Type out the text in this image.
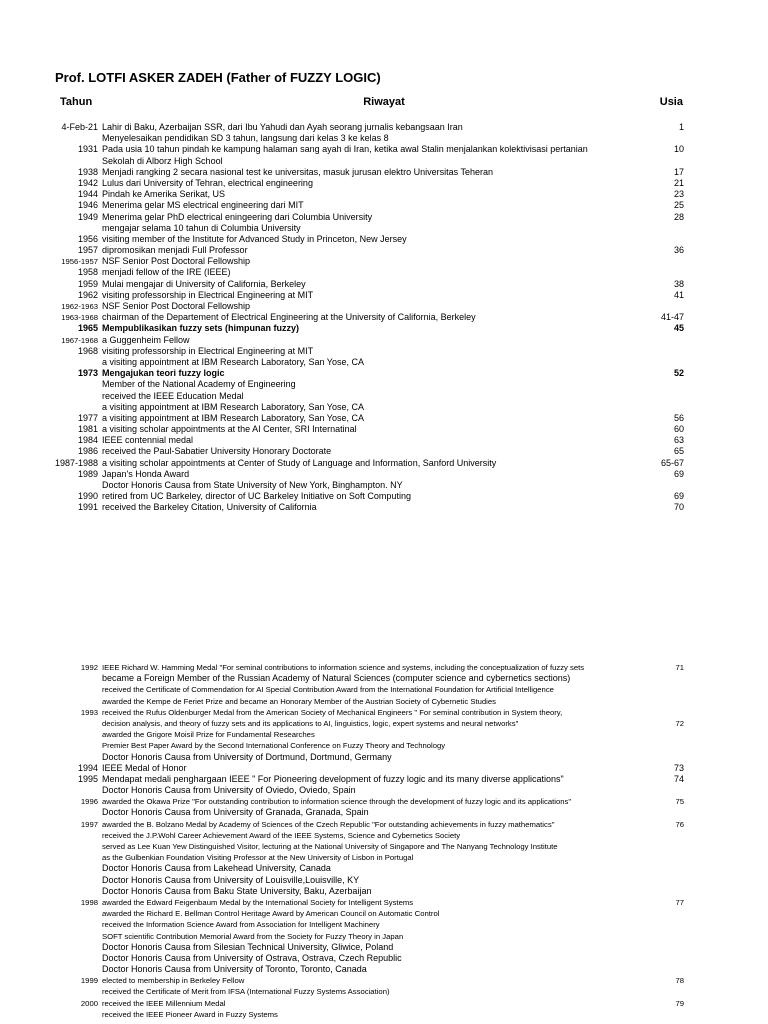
Prof. LOTFI ASKER ZADEH (Father of FUZZY LOGIC)
Tahun	Riwayat	Usia
4-Feb-21 Lahir di Baku, Azerbaijan SSR, dari Ibu Yahudi dan Ayah seorang jurnalis kebangsaan Iran	1
Menyelesaikan pendidikan SD 3 tahun, langsung dari kelas 3 ke kelas 8
1931 Pada usia 10 tahun pindah ke kampung halaman sang ayah di Iran, ketika awal Stalin menjalankan kolektivisasi pertanian	10
Sekolah di Alborz High School
1938 Menjadi rangking 2 secara nasional test ke universitas, masuk jurusan elektro Universitas Teheran	17
1942 Lulus dari University of Tehran, electrical engineering	21
1944 Pindah ke Amerika Serikat, US	23
1946 Menerima gelar MS electrical engineering dari MIT	25
1949 Menerima gelar PhD electrical eningeering dari Columbia University	28
mengajar selama 10 tahun di Columbia University
1956 visiting member of the Institute for Advanced Study in Princeton, New Jersey
1957 dipromosikan menjadi Full Professor	36
1956-1957 NSF Senior Post Doctoral Fellowship
1958 menjadi fellow of the IRE (IEEE)
1959 Mulai mengajar di University of California, Berkeley	38
1962 visiting professorship in Electrical Engineering at MIT	41
1962-1963 NSF Senior Post Doctoral Fellowship
1963-1968 chairman of the Departement of Electrical Engineering at the University of California, Berkeley	41-47
1965 Mempublikasikan fuzzy sets (himpunan fuzzy)	45
1967-1968 a Guggenheim Fellow
1968 visiting professorship in Electrical Engineering at MIT
a visiting appointment at IBM Research Laboratory, San Yose, CA
1973 Mengajukan teori fuzzy logic	52
Member of the National Academy of Engineering
received the IEEE Education Medal
a visiting appointment at IBM Research Laboratory, San Yose, CA
1977 a visiting appointment at IBM Research Laboratory, San Yose, CA	56
1981 a visiting scholar appointments at the AI Center, SRI Internatinal	60
1984 IEEE contennial medal	63
1986 received the Paul-Sabatier University Honorary Doctorate	65
1987-1988 a visiting scholar appointments at Center of Study of Language and Information, Sanford University	65-67
1989 Japan's Honda Award	69
Doctor Honoris Causa from State University of New York, Binghampton. NY
1990 retired from UC Barkeley, director of UC Barkeley Initiative on Soft Computing	69
1991 received the Barkeley Citation, University of California	70
1992 IEEE Richard W. Hamming Medal "For seminal contributions to information science and systems, including the conceptualization of fuzzy sets	71
became a Foreign Member of the Russian Academy of Natural Sciences (computer science and cybernetics sections)
received the Certificate of Commendation for AI Special Contribution Award from the International Foundation for Artificial Intelligence
awarded the Kempe de Feriet Prize and became an Honorary Member of the Austrian Society of Cybernetic Studies
1993 received the Rufus Oldenburger Medal from the American Society of Mechanical Engineers " For seminal contribution in System theory,
decision analysis, and theory of fuzzy sets and its applications to AI, linguistics, logic, expert systems and neural networks"	72
awarded the Grigore Moisil Prize for Fundamental Researches
Premier Best Paper Award by the Second International Conference on Fuzzy Theory and Technology
Doctor Honoris Causa from University of Dortmund, Dortmund, Germany
1994 IEEE Medal of Honor	73
1995 Mendapat medali penghargaan IEEE " For Pioneering development of fuzzy logic and its many diverse applications"	74
Doctor Honoris Causa from University of Oviedo, Oviedo, Spain
1996 awarded the Okawa Prize "For outstanding contribution to information science through the development of fuzzy logic and its applications"	75
Doctor Honoris Causa from University of Granada, Granada, Spain
1997 awarded the B. Bolzano Medal by Academy of Sciences of the Czech Republic "For outstanding achievements in fuzzy mathematics"	76
received the J.P.Wohl Career Achievement Award of the IEEE Systems, Science and Cybernetics Society
served as Lee Kuan Yew Distinguished Visitor, lecturing at the National University of Singapore and The Nanyang Technology Institute
as the Gulbenkian Foundation Visiting Professor at the New University of Lisbon in Portugal
Doctor Honoris Causa from Lakehead University, Canada
Doctor Honoris Causa from University of Louisville,Louisville, KY
Doctor Honoris Causa from Baku State University, Baku, Azerbaijan
1998 awarded the Edward Feigenbaum Medal by the International Society for Intelligent Systems	77
awarded the Richard E. Bellman Control Heritage Award by American Council on Automatic Control
received the Information Science Award from Association for Intelligent Machinery
SOFT scientific Contribution Memorial Award from the Society for Fuzzy Theory in Japan
Doctor Honoris Causa from Silesian Technical University, Gliwice, Poland
Doctor Honoris Causa from University of Ostrava, Ostrava, Czech Republic
Doctor Honoris Causa from University of Toronto, Toronto, Canada
1999 elected to membership in Berkeley Fellow	78
received the Certificate of Merit from IFSA (International Fuzzy Systems Association)
2000 received the IEEE Millennium Medal	79
received the IEEE Pioneer Award in Fuzzy Systems
